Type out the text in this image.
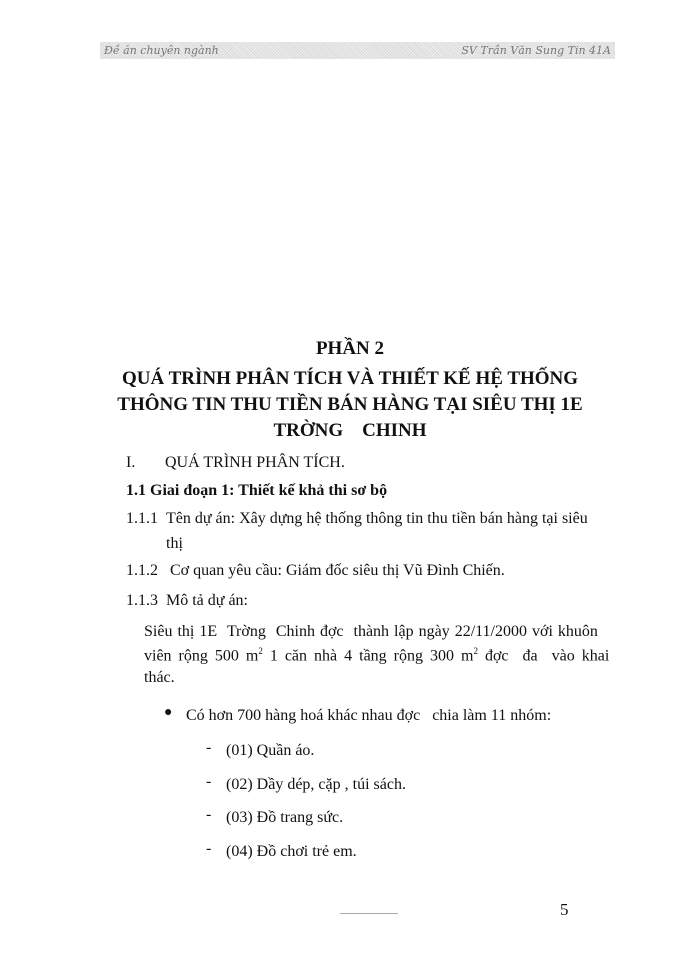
Đề án chuyên ngành	SV Trần Văn Sung Tin 41A
PHẦN 2
QUÁ TRÌNH PHÂN TÍCH VÀ THIẾT KẾ HỆ THỐNG
THÔNG TIN THU TIỀN BÁN HÀNG TẠI SIÊU THỊ 1E
TRỜNG    CHINH
I. QUÁ TRÌNH PHÂN TÍCH.
1.1 Giai đoạn 1: Thiết kế khả thi sơ bộ
1.1.1 Tên dự án: Xây dựng hệ thống thông tin thu tiền bán hàng tại siêu
thị
1.1.2 Cơ quan yêu cầu: Giám đốc siêu thị Vũ Đình Chiến.
1.1.3 Mô tả dự án:
Siêu thị 1E  Trờng  Chinh đợc  thành lập ngày 22/11/2000 với khuôn
viên rộng 500 $m^2$ 1 căn nhà 4 tầng rộng 300 $m^2$ đợc  đa  vào khai
thác.
● Có hơn 700 hàng hoá khác nhau đợc   chia làm 11 nhóm:
- (01) Quần áo.
- (02) Dầy dép, cặp , túi sách.
- (03) Đồ trang sức.
- (04) Đồ chơi trẻ em.
5
